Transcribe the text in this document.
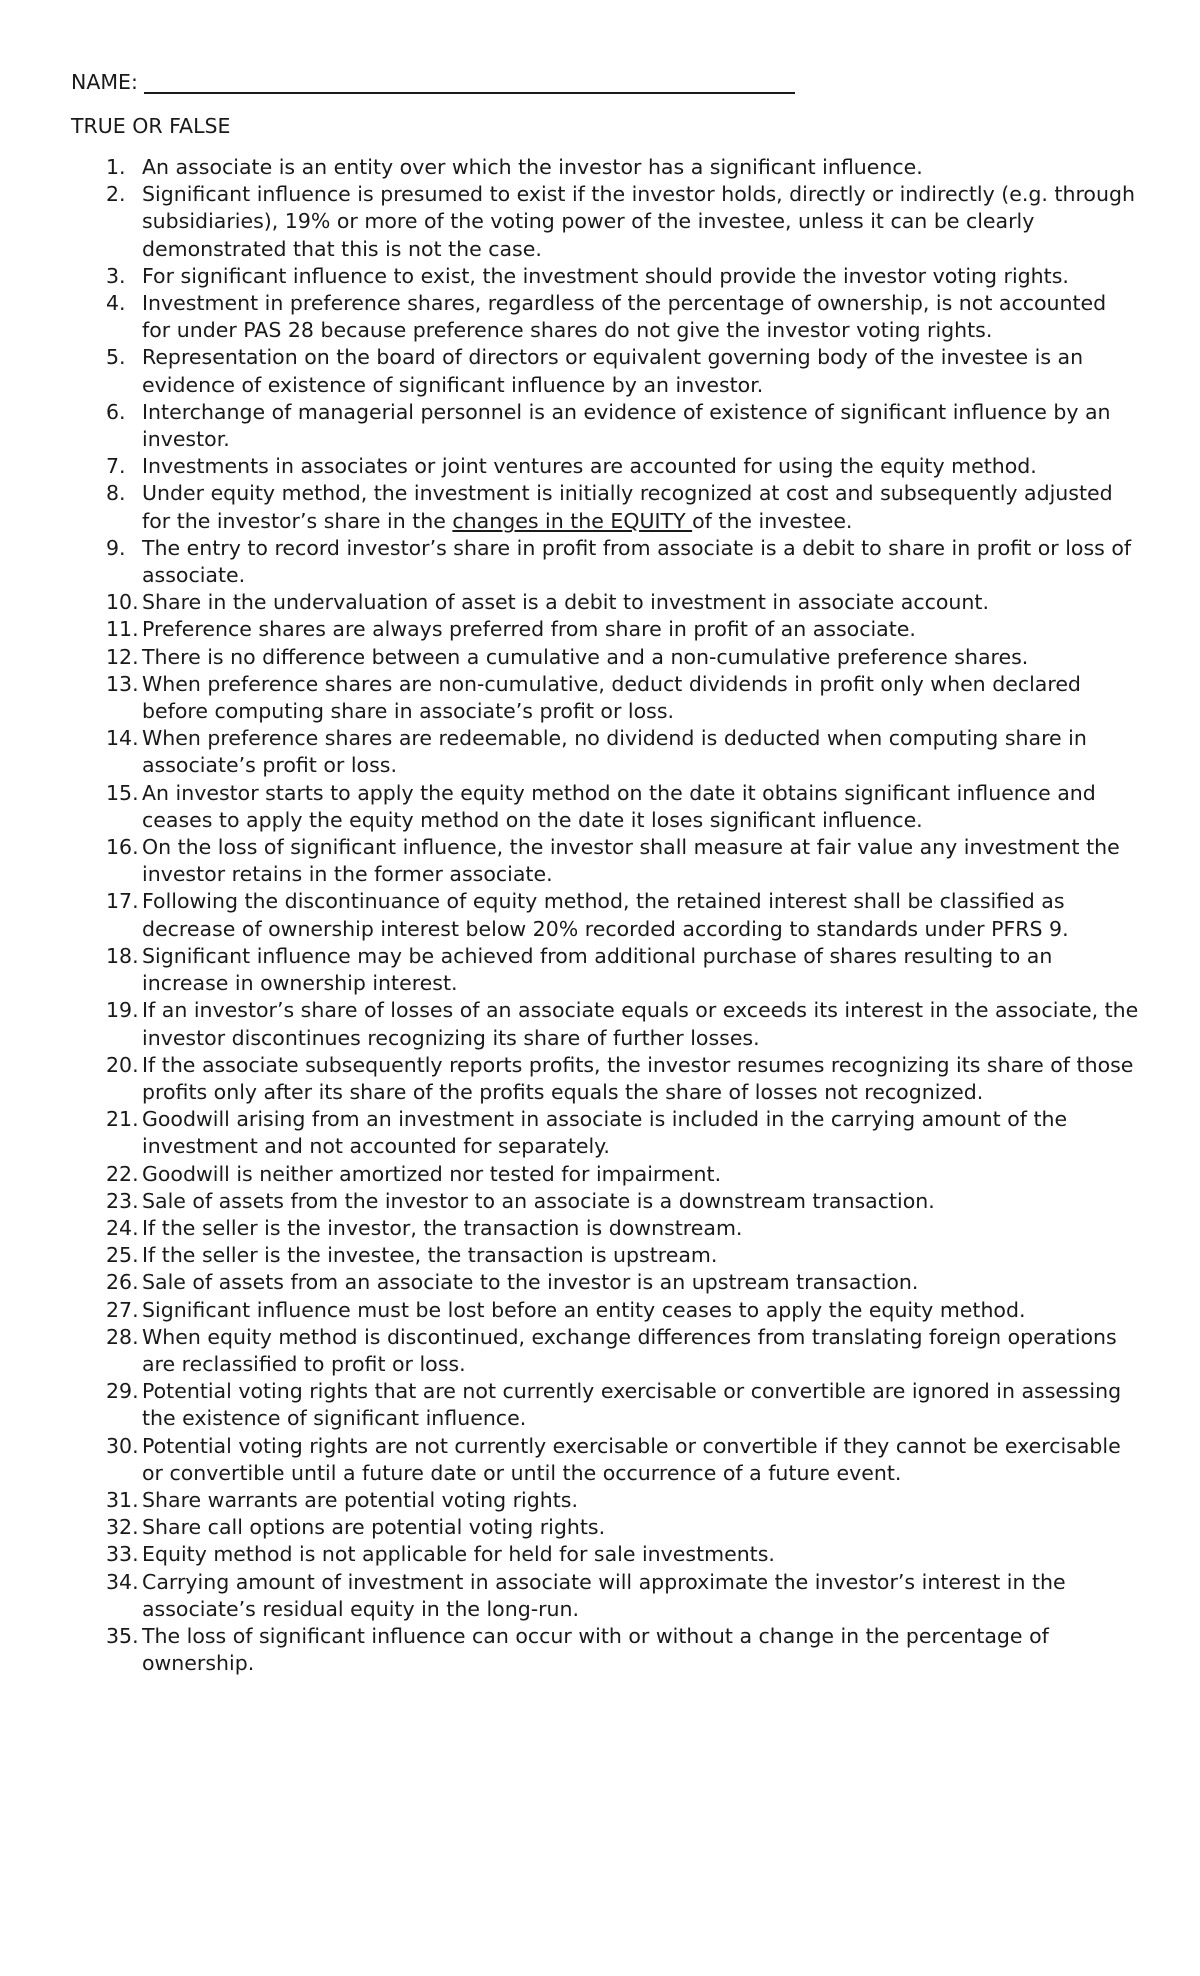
NAME:
TRUE OR FALSE
1. An associate is an entity over which the investor has a significant influence.
2. Significant influence is presumed to exist if the investor holds, directly or indirectly (e.g. through subsidiaries), 19% or more of the voting power of the investee, unless it can be clearly demonstrated that this is not the case.
3. For significant influence to exist, the investment should provide the investor voting rights.
4. Investment in preference shares, regardless of the percentage of ownership, is not accounted for under PAS 28 because preference shares do not give the investor voting rights.
5. Representation on the board of directors or equivalent governing body of the investee is an evidence of existence of significant influence by an investor.
6. Interchange of managerial personnel is an evidence of existence of significant influence by an investor.
7. Investments in associates or joint ventures are accounted for using the equity method.
8. Under equity method, the investment is initially recognized at cost and subsequently adjusted for the investor’s share in the changes in the EQUITY of the investee.
9. The entry to record investor’s share in profit from associate is a debit to share in profit or loss of associate.
10. Share in the undervaluation of asset is a debit to investment in associate account.
11. Preference shares are always preferred from share in profit of an associate.
12. There is no difference between a cumulative and a non-cumulative preference shares.
13. When preference shares are non-cumulative, deduct dividends in profit only when declared before computing share in associate’s profit or loss.
14. When preference shares are redeemable, no dividend is deducted when computing share in associate’s profit or loss.
15. An investor starts to apply the equity method on the date it obtains significant influence and ceases to apply the equity method on the date it loses significant influence.
16. On the loss of significant influence, the investor shall measure at fair value any investment the investor retains in the former associate.
17. Following the discontinuance of equity method, the retained interest shall be classified as decrease of ownership interest below 20% recorded according to standards under PFRS 9.
18. Significant influence may be achieved from additional purchase of shares resulting to an increase in ownership interest.
19. If an investor’s share of losses of an associate equals or exceeds its interest in the associate, the investor discontinues recognizing its share of further losses.
20. If the associate subsequently reports profits, the investor resumes recognizing its share of those profits only after its share of the profits equals the share of losses not recognized.
21. Goodwill arising from an investment in associate is included in the carrying amount of the investment and not accounted for separately.
22. Goodwill is neither amortized nor tested for impairment.
23. Sale of assets from the investor to an associate is a downstream transaction.
24. If the seller is the investor, the transaction is downstream.
25. If the seller is the investee, the transaction is upstream.
26. Sale of assets from an associate to the investor is an upstream transaction.
27. Significant influence must be lost before an entity ceases to apply the equity method.
28. When equity method is discontinued, exchange differences from translating foreign operations are reclassified to profit or loss.
29. Potential voting rights that are not currently exercisable or convertible are ignored in assessing the existence of significant influence.
30. Potential voting rights are not currently exercisable or convertible if they cannot be exercisable or convertible until a future date or until the occurrence of a future event.
31. Share warrants are potential voting rights.
32. Share call options are potential voting rights.
33. Equity method is not applicable for held for sale investments.
34. Carrying amount of investment in associate will approximate the investor’s interest in the associate’s residual equity in the long-run.
35. The loss of significant influence can occur with or without a change in the percentage of ownership.
